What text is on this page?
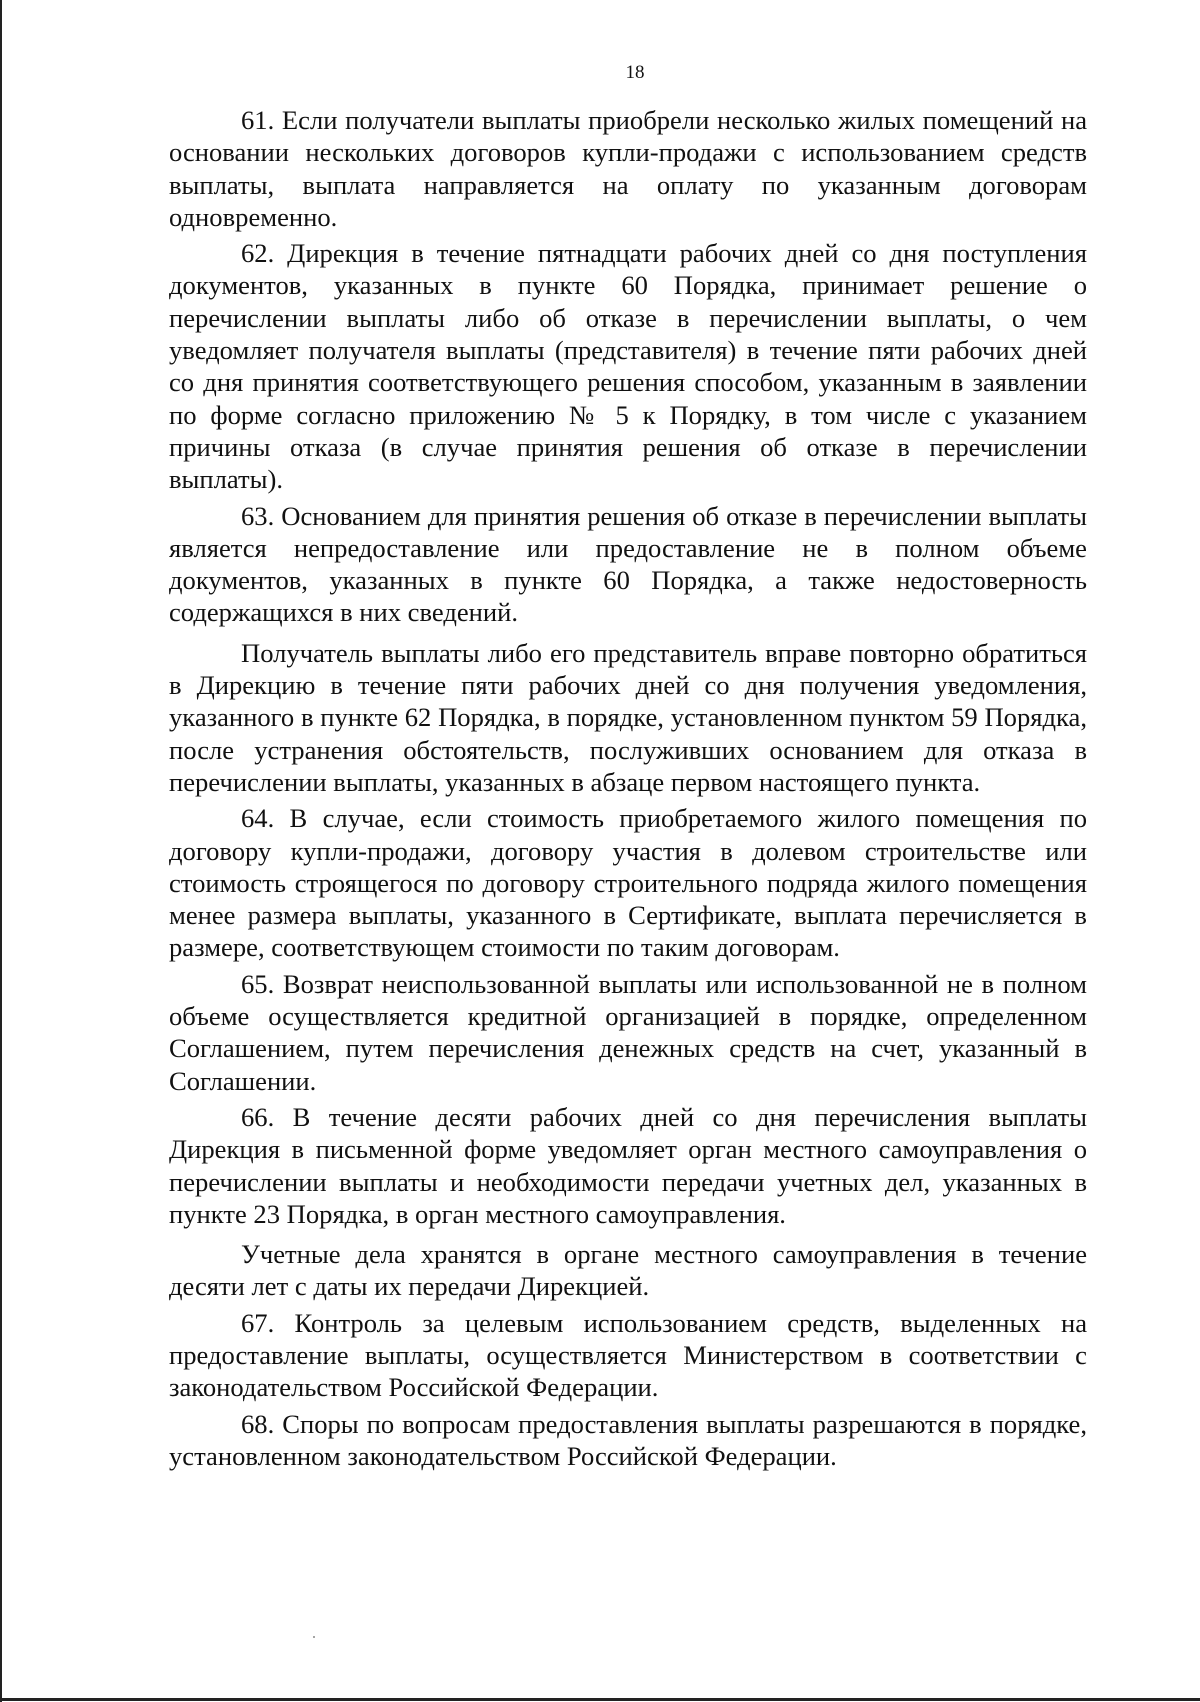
18

61. Если получатели выплаты приобрели несколько жилых помещений на основании нескольких договоров купли-продажи с использованием средств выплаты, выплата направляется на оплату по указанным договорам одновременно.

62. Дирекция в течение пятнадцати рабочих дней со дня поступления документов, указанных в пункте 60 Порядка, принимает решение о перечислении выплаты либо об отказе в перечислении выплаты, о чем уведомляет получателя выплаты (представителя) в течение пяти рабочих дней со дня принятия соответствующего решения способом, указанным в заявлении по форме согласно приложению № 5 к Порядку, в том числе с указанием причины отказа (в случае принятия решения об отказе в перечислении выплаты).

63. Основанием для принятия решения об отказе в перечислении выплаты является непредоставление или предоставление не в полном объеме документов, указанных в пункте 60 Порядка, а также недостоверность содержащихся в них сведений.

Получатель выплаты либо его представитель вправе повторно обратиться в Дирекцию в течение пяти рабочих дней со дня получения уведомления, указанного в пункте 62 Порядка, в порядке, установленном пунктом 59 Порядка, после устранения обстоятельств, послуживших основанием для отказа в перечислении выплаты, указанных в абзаце первом настоящего пункта.

64. В случае, если стоимость приобретаемого жилого помещения по договору купли-продажи, договору участия в долевом строительстве или стоимость строящегося по договору строительного подряда жилого помещения менее размера выплаты, указанного в Сертификате, выплата перечисляется в размере, соответствующем стоимости по таким договорам.

65. Возврат неиспользованной выплаты или использованной не в полном объеме осуществляется кредитной организацией в порядке, определенном Соглашением, путем перечисления денежных средств на счет, указанный в Соглашении.

66. В течение десяти рабочих дней со дня перечисления выплаты Дирекция в письменной форме уведомляет орган местного самоуправления о перечислении выплаты и необходимости передачи учетных дел, указанных в пункте 23 Порядка, в орган местного самоуправления.

Учетные дела хранятся в органе местного самоуправления в течение десяти лет с даты их передачи Дирекцией.

67. Контроль за целевым использованием средств, выделенных на предоставление выплаты, осуществляется Министерством в соответствии с законодательством Российской Федерации.

68. Споры по вопросам предоставления выплаты разрешаются в порядке, установленном законодательством Российской Федерации.
